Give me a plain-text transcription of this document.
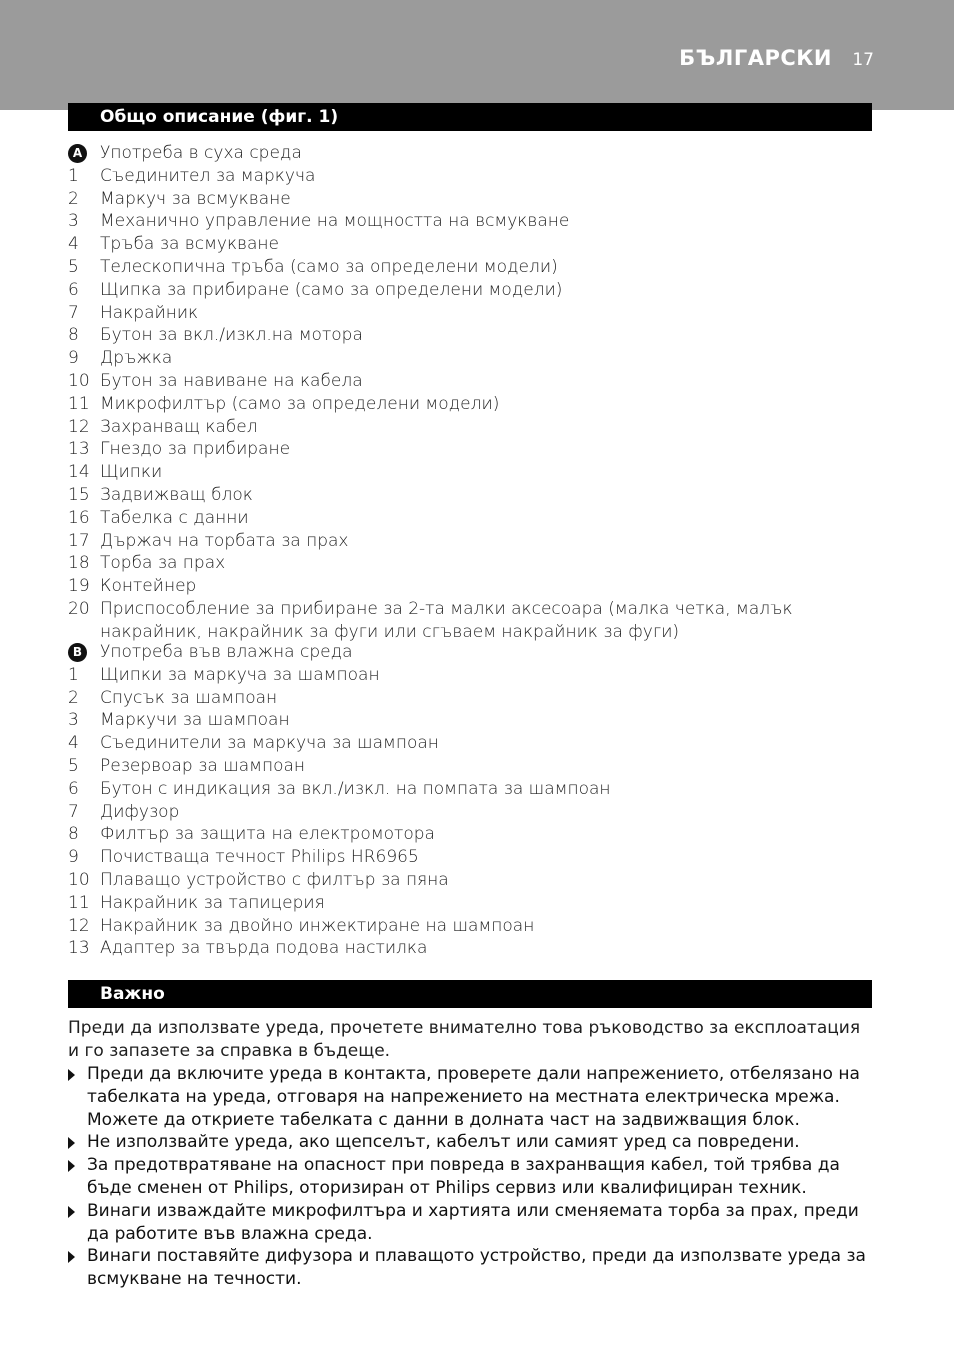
БЪЛГАРСКИ 17
Общо описание (фиг. 1)
A Употреба в суха среда
1 Съединител за маркуча
2 Маркуч за всмукване
3 Механично управление на мощността на всмукване
4 Тръба за всмукване
5 Телескопична тръба (само за определени модели)
6 Щипка за прибиране (само за определени модели)
7 Накрайник
8 Бутон за вкл./изкл.на мотора
9 Дръжка
10 Бутон за навиване на кабела
11 Микрофилтър (само за определени модели)
12 Захранващ кабел
13 Гнездо за прибиране
14 Щипки
15 Задвижващ блок
16 Табелка с данни
17 Държач на торбата за прах
18 Торба за прах
19 Контейнер
20 Приспособление за прибиране за 2-та малки аксесоара (малка четка, малък накрайник, накрайник за фуги или сгъваем накрайник за фуги)
B Употреба във влажна среда
1 Щипки за маркуча за шампоан
2 Спусък за шампоан
3 Маркучи за шампоан
4 Съединители за маркуча за шампоан
5 Резервоар за шампоан
6 Бутон с индикация за вкл./изкл. на помпата за шампоан
7 Дифузор
8 Филтър за защита на електромотора
9 Почистваща течност Philips HR6965
10 Плаващо устройство с филтър за пяна
11 Накрайник за тапицерия
12 Накрайник за двойно инжектиране на шампоан
13 Адаптер за твърда подова настилка
Важно

Преди да използвате уреда, прочетете внимателно това ръководство за експлоатация и го запазете за справка в бъдеще.

Преди да включите уреда в контакта, проверете дали напрежението, отбелязано на табелката на уреда, отговаря на напрежението на местната електрическа мрежа. Можете да откриете табелката с данни в долната част на задвижващия блок.
Не използвайте уреда, ако щепселът, кабелът или самият уред са повредени.
За предотвратяване на опасност при повреда в захранващия кабел, той трябва да бъде сменен от Philips, оторизиран от Philips сервиз или квалифициран техник.
Винаги изваждайте микрофилтъра и хартията или сменяемата торба за прах, преди да работите във влажна среда.
Винаги поставяйте дифузора и плаващото устройство, преди да използвате уреда за всмукване на течности.
